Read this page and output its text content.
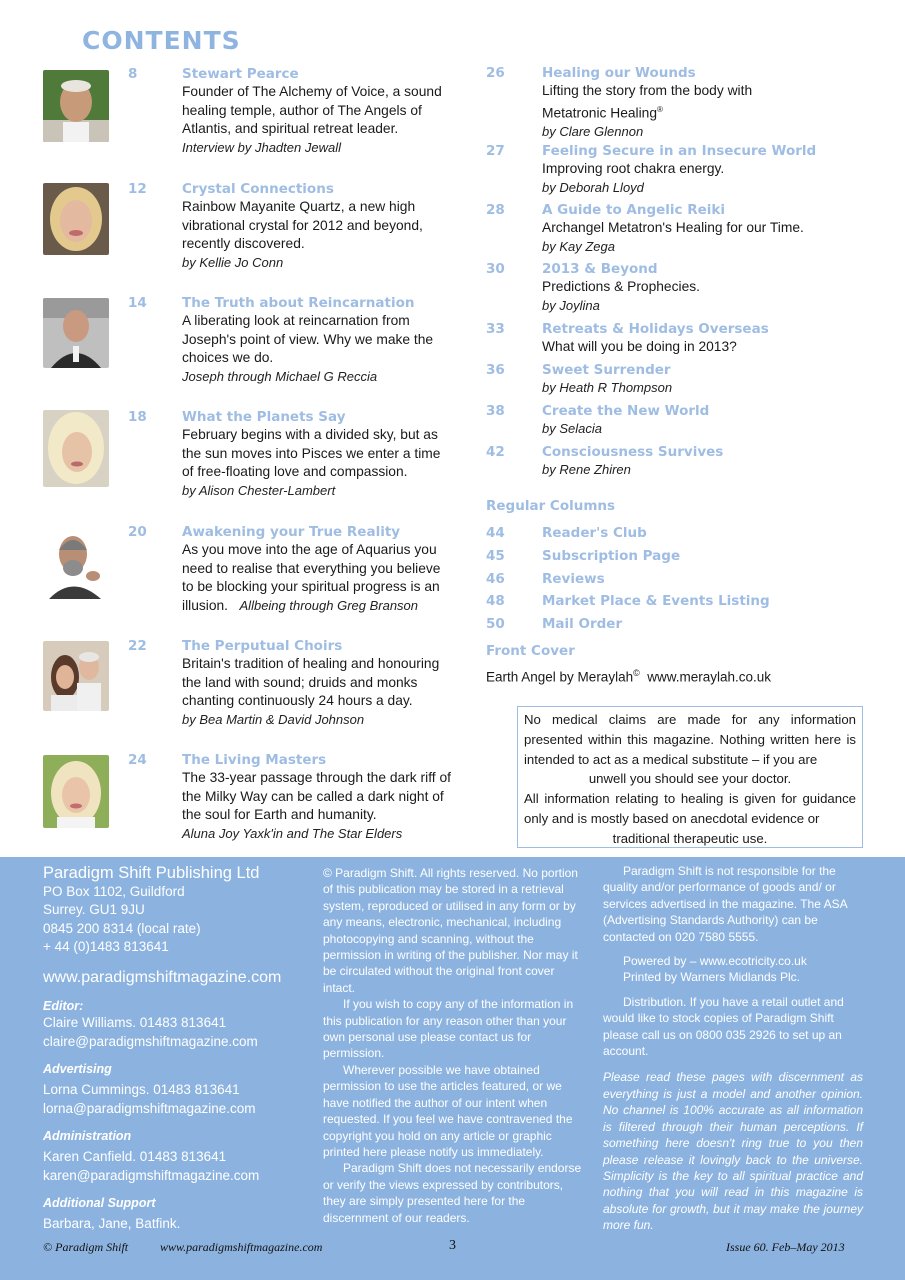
CONTENTS
8	Stewart Pearce
Founder of The Alchemy of Voice, a sound healing temple, author of The Angels of Atlantis, and spiritual retreat leader.
Interview by Jhadten Jewall
12	Crystal Connections
Rainbow Mayanite Quartz, a new high vibrational crystal for 2012 and beyond, recently discovered.
by Kellie Jo Conn
14	The Truth about Reincarnation
A liberating look at reincarnation from Joseph's point of view. Why we make the choices we do.
Joseph through Michael G Reccia
18	What the Planets Say
February begins with a divided sky, but as the sun moves into Pisces we enter a time of free-floating love and compassion.
by Alison Chester-Lambert
20	Awakening your True Reality
As you move into the age of Aquarius you need to realise that everything you believe to be blocking your spiritual progress is an illusion. Allbeing through Greg Branson
22	The Perputual Choirs
Britain's tradition of healing and honouring the land with sound; druids and monks chanting continuously 24 hours a day.
by Bea Martin & David Johnson
24	The Living Masters
The 33-year passage through the dark riff of the Milky Way can be called a dark night of the soul for Earth and humanity.
Aluna Joy Yaxk'in and The Star Elders
26	Healing our Wounds
Lifting the story from the body with Metatronic Healing®
by Clare Glennon
27	Feeling Secure in an Insecure World
Improving root chakra energy.
by Deborah Lloyd
28	A Guide to Angelic Reiki
Archangel Metatron's Healing for our Time.
by Kay Zega
30	2013 & Beyond
Predictions & Prophecies.
by Joylina
33	Retreats & Holidays Overseas
What will you be doing in 2013?
36	Sweet Surrender
by Heath R Thompson
38	Create the New World
by Selacia
42	Consciousness Survives
by Rene Zhiren
Regular Columns
44	Reader's Club
45	Subscription Page
46	Reviews
48	Market Place & Events Listing
50	Mail Order
Front Cover
Earth Angel by Meraylah© www.meraylah.co.uk

No medical claims are made for any information presented within this magazine. Nothing written here is intended to act as a medical substitute – if you are

unwell you should see your doctor.

All information relating to healing is given for guidance only and is mostly based on anecdotal evidence or

traditional therapeutic use.

Paradigm Shift Publishing Ltd
PO Box 1102, Guildford
Surrey. GU1 9JU
0845 200 8314 (local rate)
+ 44 (0)1483 813641
www.paradigmshiftmagazine.com
Editor:
Claire Williams. 01483 813641
claire@paradigmshiftmagazine.com
Advertising
Lorna Cummings. 01483 813641
lorna@paradigmshiftmagazine.com
Administration
Karen Canfield. 01483 813641
karen@paradigmshiftmagazine.com
Additional Support
Barbara, Jane, Batfink.

© Paradigm Shift. All rights reserved. No portion of this publication may be stored in a retrieval system, reproduced or utilised in any form or by any means, electronic, mechanical, including photocopying and scanning, without the permission in writing of the publisher. Nor may it be circulated without the original front cover intact.

If you wish to copy any of the information in this publication for any reason other than your own personal use please contact us for permission.

Wherever possible we have obtained permission to use the articles featured, or we have notified the author of our intent when requested. If you feel we have contravened the copyright you hold on any article or graphic printed here please notify us immediately.

Paradigm Shift does not necessarily endorse or verify the views expressed by contributors, they are simply presented here for the discernment of our readers.

Paradigm Shift is not responsible for the quality and/or performance of goods and/ or services advertised in the magazine. The ASA (Advertising Standards Authority) can be contacted on 020 7580 5555.

Powered by – www.ecotricity.co.uk

Printed by Warners Midlands Plc.

Distribution. If you have a retail outlet and would like to stock copies of Paradigm Shift please call us on 0800 035 2926 to set up an account.

Please read these pages with discernment as everything is just a model and another opinion. No channel is 100% accurate as all information is filtered through their human perceptions. If something here doesn't ring true to you then please release it lovingly back to the universe. Simplicity is the key to all spiritual practice and nothing that you will read in this magazine is absolute for growth, but it may make the journey more fun.

© Paradigm Shift	www.paradigmshiftmagazine.com	3	Issue 60. Feb–May 2013
